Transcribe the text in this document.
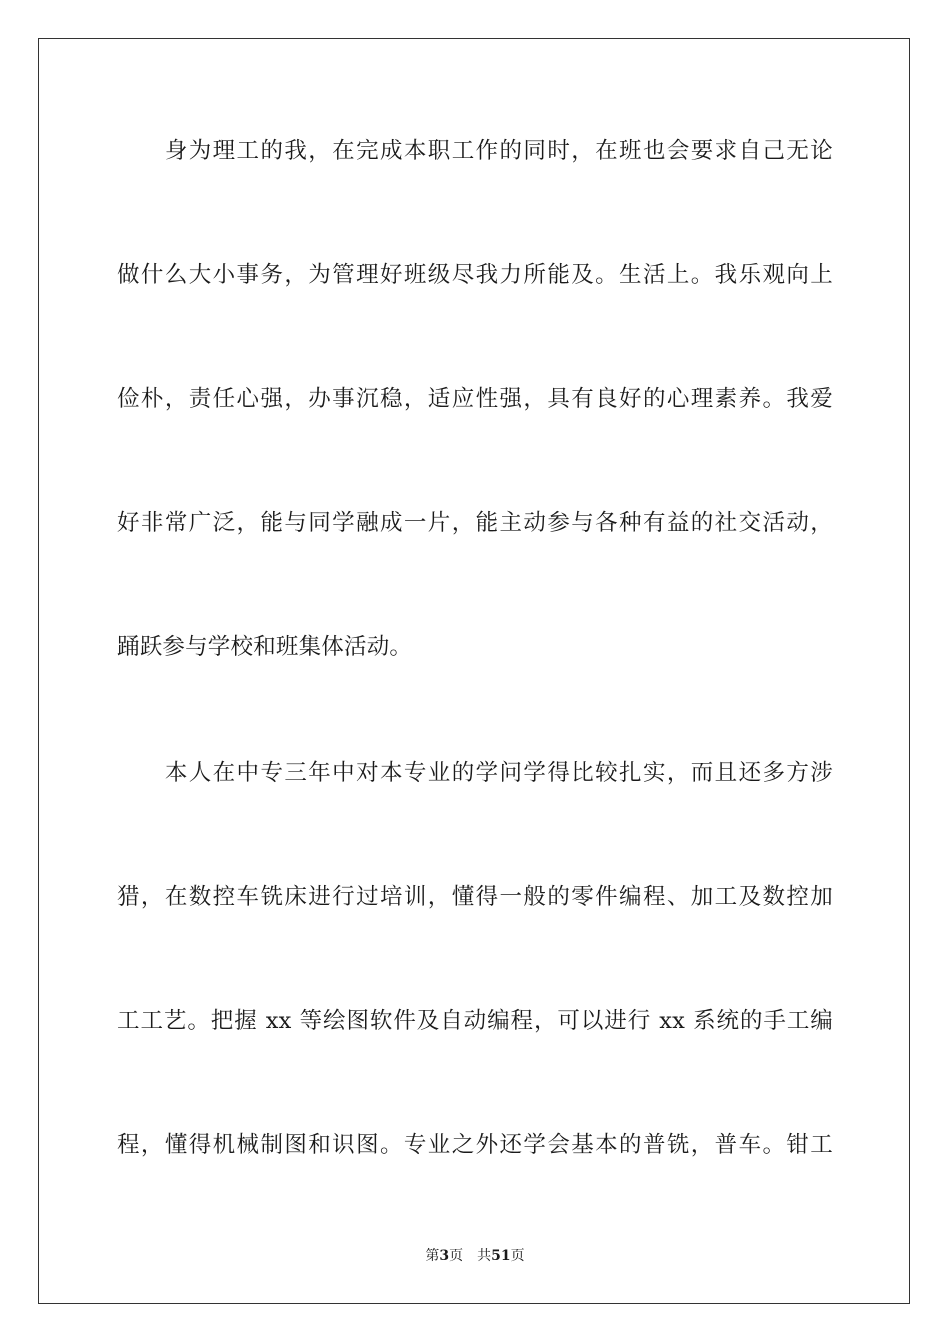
　　身为理工的我，在完成本职工作的同时，在班也会要求自己无论
做什么大小事务，为管理好班级尽我力所能及。生活上。我乐观向上
俭朴，责任心强，办事沉稳，适应性强，具有良好的心理素养。我爱
好非常广泛，能与同学融成一片，能主动参与各种有益的社交活动，
踊跃参与学校和班集体活动。
　　本人在中专三年中对本专业的学问学得比较扎实，而且还多方涉
猎，在数控车铣床进行过培训，懂得一般的零件编程、加工及数控加
工工艺。把握 xx 等绘图软件及自动编程，可以进行 xx 系统的手工编
程，懂得机械制图和识图。专业之外还学会基本的普铣，普车。钳工
第3页 共51页
